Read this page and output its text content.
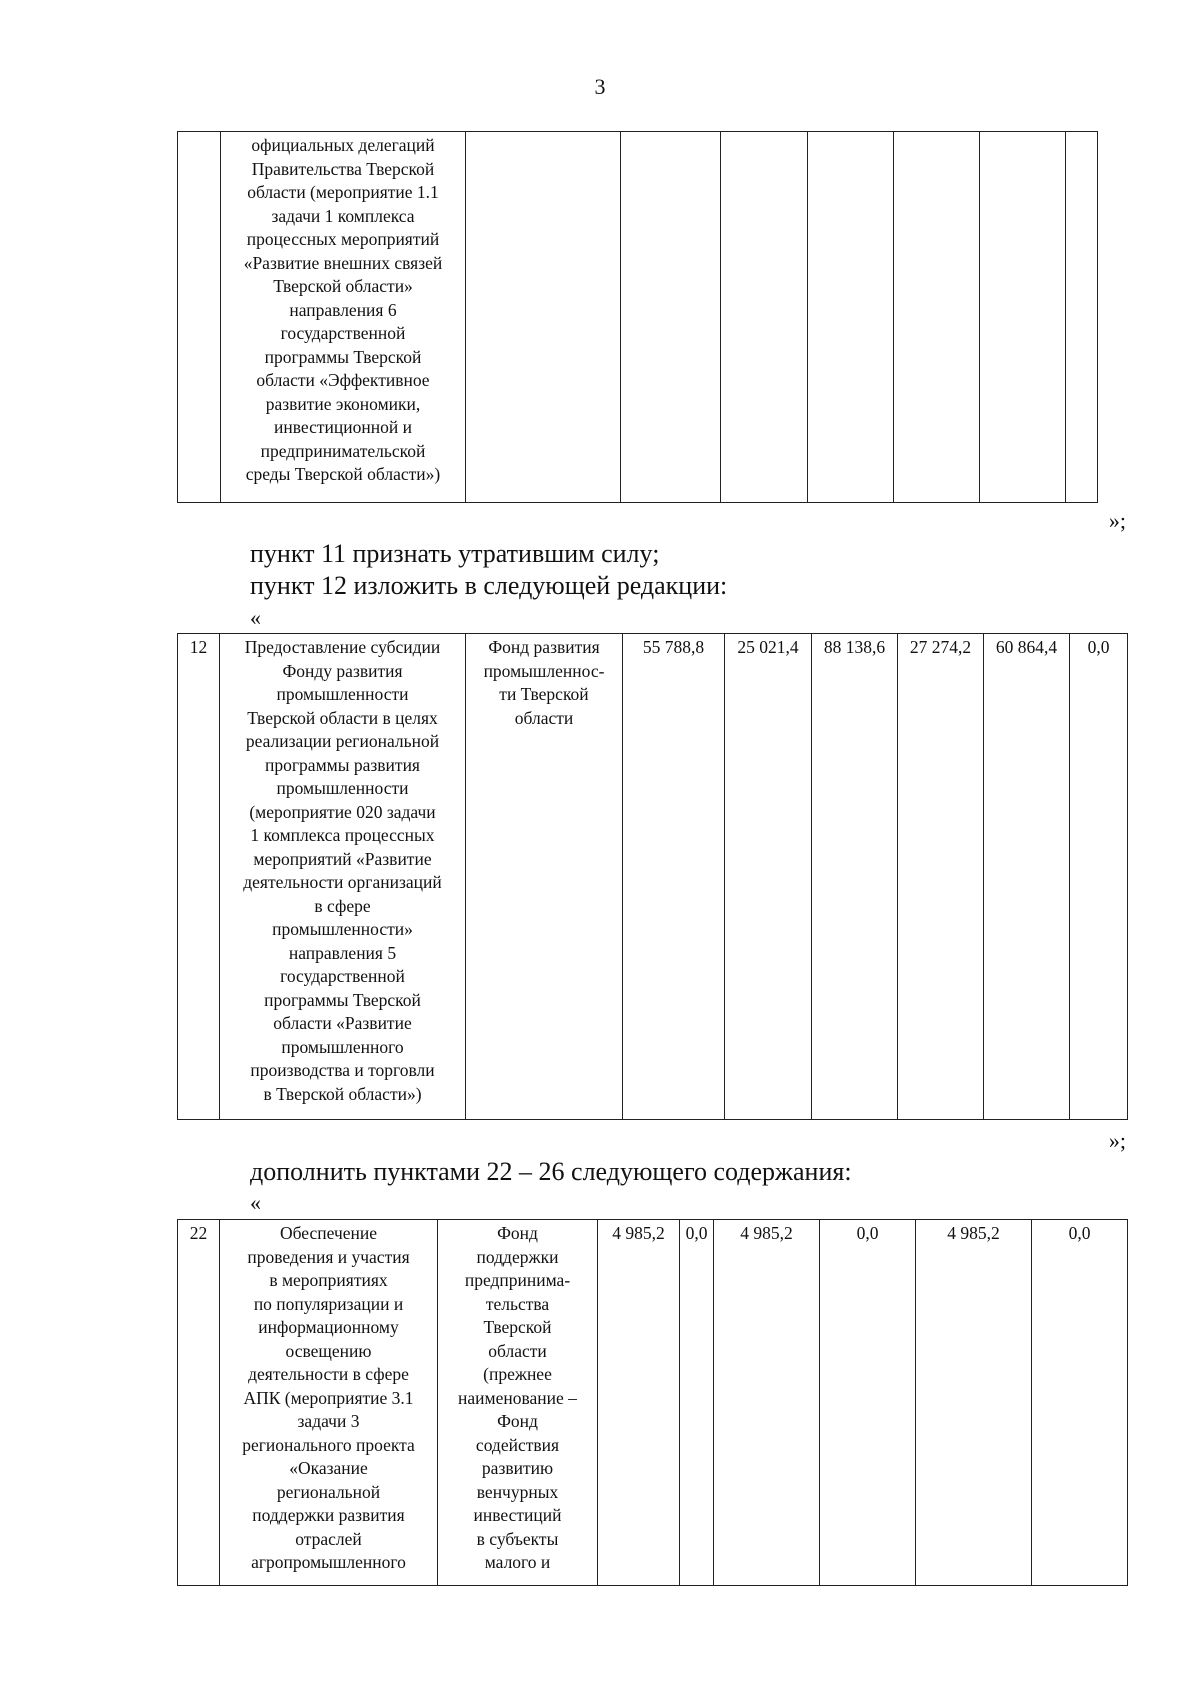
3

официальных делегаций
Правительства Тверской
области (мероприятие 1.1
задачи 1 комплекса
процессных мероприятий
«Развитие внешних связей
Тверской области»
направления 6
государственной
программы Тверской
области «Эффективное
развитие экономики,
инвестиционной и
предпринимательской
среды Тверской области»)

»;
пункт 11 признать утратившим силу;
пункт 12 изложить в следующей редакции:
«
12	Предоставление субсидии
Фонду развития
промышленности
Тверской области в целях
реализации региональной
программы развития
промышленности
(мероприятие 020 задачи
1 комплекса процессных
мероприятий «Развитие
деятельности организаций
в сфере
промышленности»
направления 5
государственной
программы Тверской
области «Развитие
промышленного
производства и торговли
в Тверской области»)

Фонд развития
промышленнос-
ти Тверской
области
	55 788,8	25 021,4	88 138,6	27 274,2	60 864,4	0,0
»;
дополнить пунктами 22 – 26 следующего содержания:
«
22	Обеспечение
проведения и участия
в мероприятиях
по популяризации и
информационному
освещению
деятельности в сфере
АПК (мероприятие 3.1
задачи 3
регионального проекта
«Оказание
региональной
поддержки развития
отраслей
агропромышленного

Фонд
поддержки
предпринима-
тельства
Тверской
области
(прежнее
наименование –
Фонд
содействия
развитию
венчурных
инвестиций
в субъекты
малого и
	4 985,2	0,0	4 985,2	0,0	4 985,2	0,0
